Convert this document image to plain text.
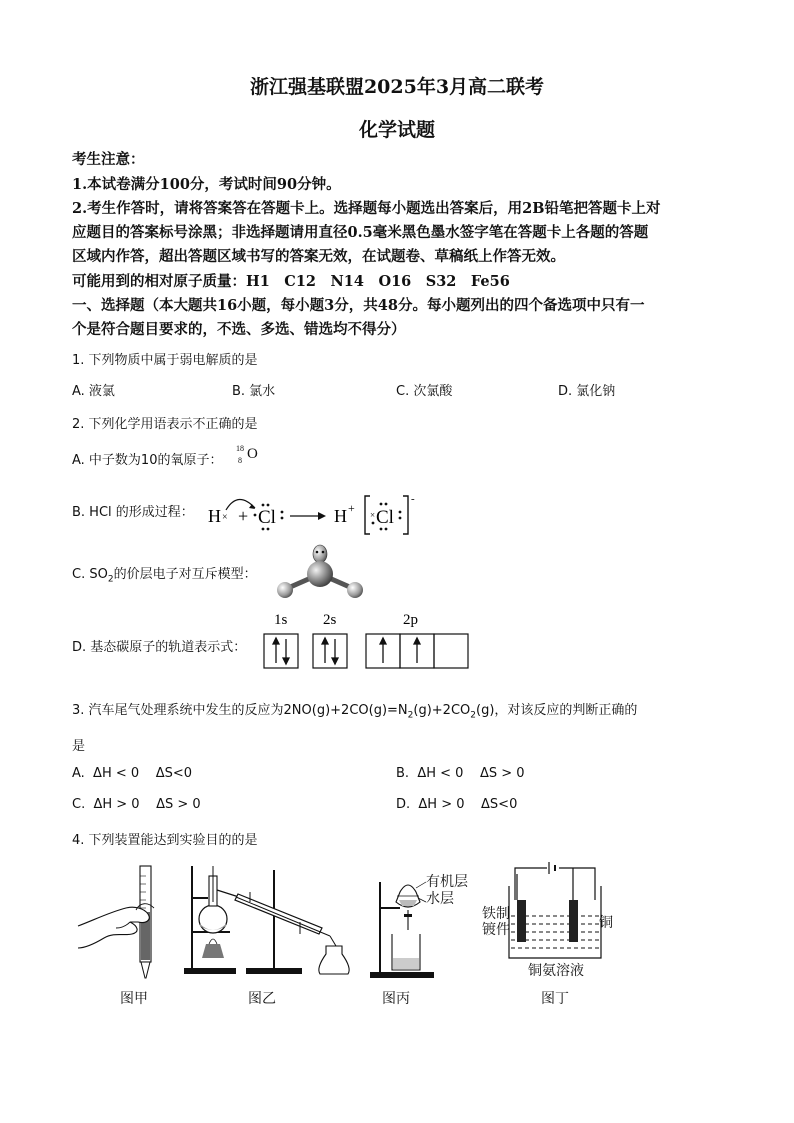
浙江强基联盟2025年3月高二联考
化学试题
考生注意：
1.本试卷满分100分，考试时间90分钟。
2.考生作答时，请将答案答在答题卡上。选择题每小题选出答案后，用2B铅笔把答题卡上对
应题目的答案标号涂黑；非选择题请用直径0.5毫米黑色墨水签字笔在答题卡上各题的答题
区域内作答，超出答题区域书写的答案无效，在试题卷、草稿纸上作答无效。
可能用到的相对原子质量：H1　C12　N14　O16　S32　Fe56
一、选择题（本大题共16小题，每小题3分，共48分。每小题列出的四个备选项中只有一
个是符合题目要求的，不选、多选、错选均不得分）
1. 下列物质中属于弱电解质的是
A. 液氯	B. 氯水	C. 次氯酸	D. 氯化钠
2. 下列化学用语表示不正确的是
A. 中子数为10的氧原子：
18
8 O
B. HCl 的形成过程： H × + Cl	H + Cl
×
-
C. $SO_2$的价层电子对互斥模型：
D. 基态碳原子的轨道表示式：
1s 2s	2p
3. 汽车尾气处理系统中发生的反应为$2NO(g)+2CO(g)=N_2(g)+2CO_2(g)$，对该反应的判断正确的
是
A.  ΔH < 0    ΔS<0	B.  ΔH < 0    ΔS > 0
C.  ΔH > 0    ΔS > 0	D.  ΔH > 0    ΔS<0
4. 下列装置能达到实验目的的是
图甲	图乙
有机层
水层
图丙
铁制
镀件	铜
铜氨溶液
图丁
